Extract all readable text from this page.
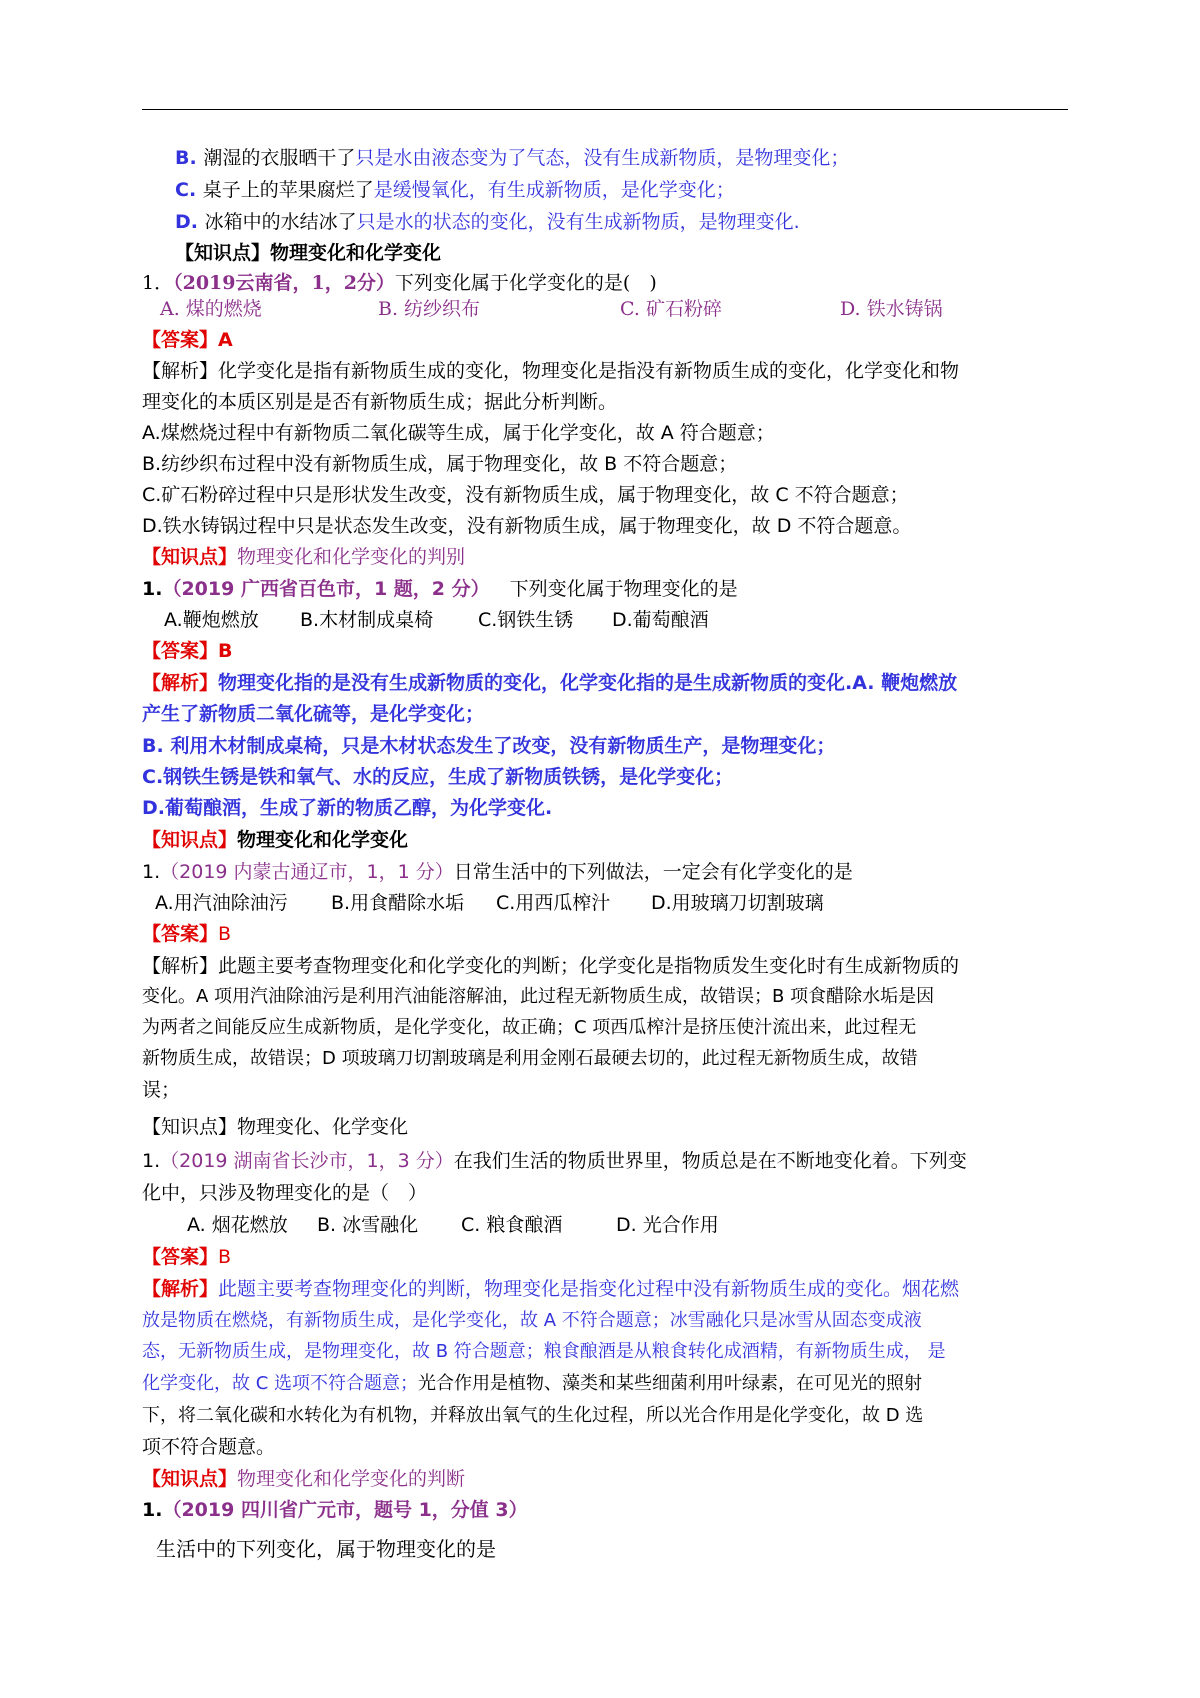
B. 潮湿的衣服晒干了只是水由液态变为了气态，没有生成新物质，是物理变化；
C. 桌子上的苹果腐烂了是缓慢氧化，有生成新物质，是化学变化；
D. 冰箱中的水结冰了只是水的状态的变化，没有生成新物质，是物理变化.
【知识点】物理变化和化学变化
1．（2019云南省，1，2分）下列变化属于化学变化的是(　)
A. 煤的燃烧	B. 纺纱织布	C. 矿石粉碎	D. 铁水铸锅
【答案】A
【解析】化学变化是指有新物质生成的变化，物理变化是指没有新物质生成的变化，化学变化和物
理变化的本质区别是是否有新物质生成；据此分析判断。
A.煤燃烧过程中有新物质二氧化碳等生成，属于化学变化，故 A 符合题意；
B.纺纱织布过程中没有新物质生成，属于物理变化，故 B 不符合题意；
C.矿石粉碎过程中只是形状发生改变，没有新物质生成，属于物理变化，故 C 不符合题意；
D.铁水铸锅过程中只是状态发生改变，没有新物质生成，属于物理变化，故 D 不符合题意。
【知识点】物理变化和化学变化的判别
1.（2019 广西省百色市，1 题，2 分） 下列变化属于物理变化的是
A.鞭炮燃放 B.木材制成桌椅 C.钢铁生锈 D.葡萄酿酒
【答案】B
【解析】物理变化指的是没有生成新物质的变化，化学变化指的是生成新物质的变化.A. 鞭炮燃放
产生了新物质二氧化硫等，是化学变化；
B. 利用木材制成桌椅，只是木材状态发生了改变，没有新物质生产，是物理变化；
C.钢铁生锈是铁和氧气、水的反应，生成了新物质铁锈，是化学变化；
D.葡萄酿酒，生成了新的物质乙醇，为化学变化.
【知识点】物理变化和化学变化
1.（2019 内蒙古通辽市，1，1 分）日常生活中的下列做法，一定会有化学变化的是
A.用汽油除油污 B.用食醋除水垢 C.用西瓜榨汁 D.用玻璃刀切割玻璃
【答案】B
【解析】此题主要考查物理变化和化学变化的判断；化学变化是指物质发生变化时有生成新物质的
变化。A 项用汽油除油污是利用汽油能溶解油，此过程无新物质生成，故错误；B 项食醋除水垢是因
为两者之间能反应生成新物质，是化学变化，故正确；C 项西瓜榨汁是挤压使汁流出来，此过程无
新物质生成，故错误；D 项玻璃刀切割玻璃是利用金刚石最硬去切的，此过程无新物质生成，故错
误；
【知识点】物理变化、化学变化
1.（2019 湖南省长沙市，1，3 分）在我们生活的物质世界里，物质总是在不断地变化着。下列变
化中，只涉及物理变化的是（　）
A. 烟花燃放 B. 冰雪融化 C. 粮食酿酒	D. 光合作用
【答案】B
【解析】此题主要考查物理变化的判断，物理变化是指变化过程中没有新物质生成的变化。烟花燃
放是物质在燃烧，有新物质生成，是化学变化，故 A 不符合题意；冰雪融化只是冰雪从固态变成液
态，无新物质生成，是物理变化，故 B 符合题意；粮食酿酒是从粮食转化成酒精，有新物质生成， 是
化学变化，故 C 选项不符合题意；光合作用是植物、藻类和某些细菌利用叶绿素，在可见光的照射
下，将二氧化碳和水转化为有机物，并释放出氧气的生化过程，所以光合作用是化学变化，故 D 选
项不符合题意。
【知识点】物理变化和化学变化的判断
1.（2019 四川省广元市，题号 1，分值 3）
生活中的下列变化，属于物理变化的是
